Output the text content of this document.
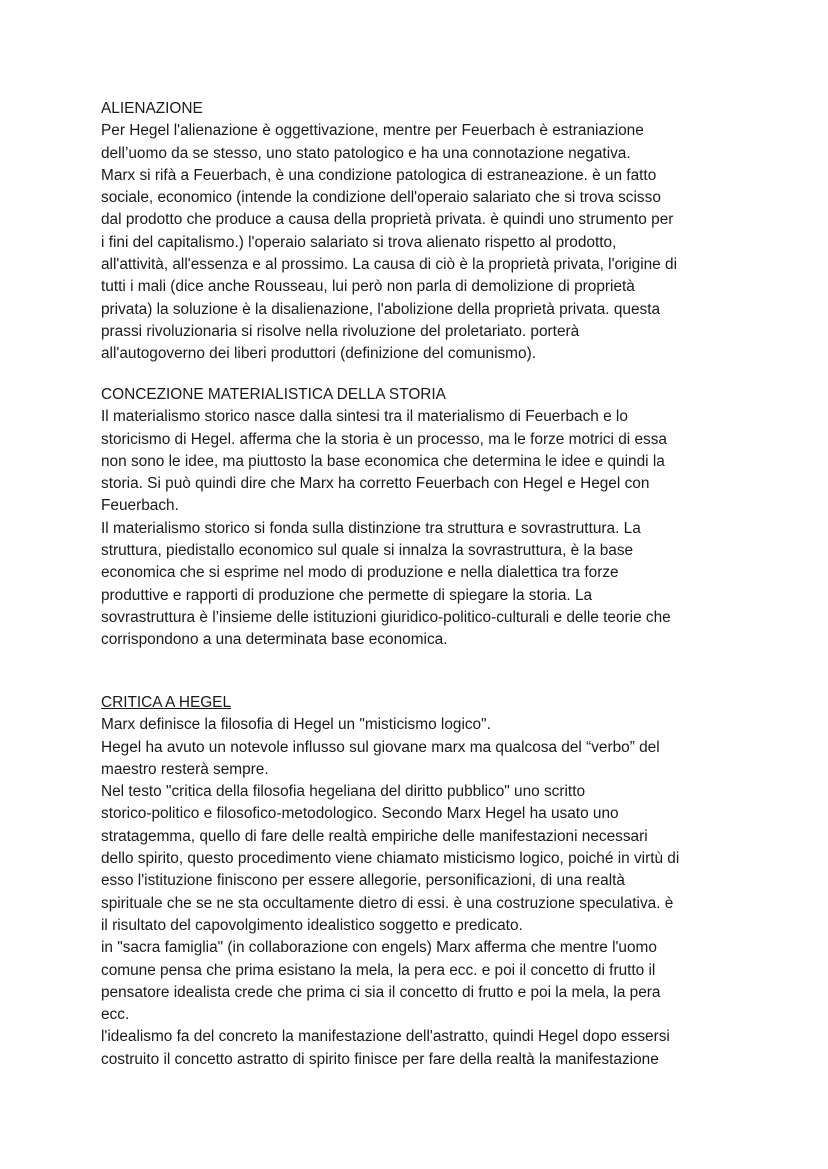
ALIENAZIONE
Per Hegel l'alienazione è oggettivazione, mentre per Feuerbach è estraniazione
dell’uomo da se stesso, uno stato patologico e ha una connotazione negativa.
Marx si rifà a Feuerbach, è una condizione patologica di estraneazione. è un fatto
sociale, economico (intende la condizione dell'operaio salariato che si trova scisso
dal prodotto che produce a causa della proprietà privata. è quindi uno strumento per
i fini del capitalismo.) l'operaio salariato si trova alienato rispetto al prodotto,
all'attività, all'essenza e al prossimo. La causa di ciò è la proprietà privata, l'origine di
tutti i mali (dice anche Rousseau, lui però non parla di demolizione di proprietà
privata) la soluzione è la disalienazione, l'abolizione della proprietà privata. questa
prassi rivoluzionaria si risolve nella rivoluzione del proletariato. porterà
all'autogoverno dei liberi produttori (definizione del comunismo).
CONCEZIONE MATERIALISTICA DELLA STORIA
Il materialismo storico nasce dalla sintesi tra il materialismo di Feuerbach e lo
storicismo di Hegel. afferma che la storia è un processo, ma le forze motrici di essa
non sono le idee, ma piuttosto la base economica che determina le idee e quindi la
storia. Si può quindi dire che Marx ha corretto Feuerbach con Hegel e Hegel con
Feuerbach.
Il materialismo storico si fonda sulla distinzione tra struttura e sovrastruttura. La
struttura, piedistallo economico sul quale si innalza la sovrastruttura, è la base
economica che si esprime nel modo di produzione e nella dialettica tra forze
produttive e rapporti di produzione che permette di spiegare la storia. La
sovrastruttura è l’insieme delle istituzioni giuridico-politico-culturali e delle teorie che
corrispondono a una determinata base economica.
CRITICA A HEGEL
Marx definisce la filosofia di Hegel un "misticismo logico".
Hegel ha avuto un notevole influsso sul giovane marx ma qualcosa del “verbo” del
maestro resterà sempre.
Nel testo "critica della filosofia hegeliana del diritto pubblico" uno scritto
storico-politico e filosofico-metodologico. Secondo Marx Hegel ha usato uno
stratagemma, quello di fare delle realtà empiriche delle manifestazioni necessari
dello spirito, questo procedimento viene chiamato misticismo logico, poiché in virtù di
esso l'istituzione finiscono per essere allegorie, personificazioni, di una realtà
spirituale che se ne sta occultamente dietro di essi. è una costruzione speculativa. è
il risultato del capovolgimento idealistico soggetto e predicato.
in "sacra famiglia" (in collaborazione con engels) Marx afferma che mentre l'uomo
comune pensa che prima esistano la mela, la pera ecc. e poi il concetto di frutto il
pensatore idealista crede che prima ci sia il concetto di frutto e poi la mela, la pera
ecc.
l'idealismo fa del concreto la manifestazione dell'astratto, quindi Hegel dopo essersi
costruito il concetto astratto di spirito finisce per fare della realtà la manifestazione
